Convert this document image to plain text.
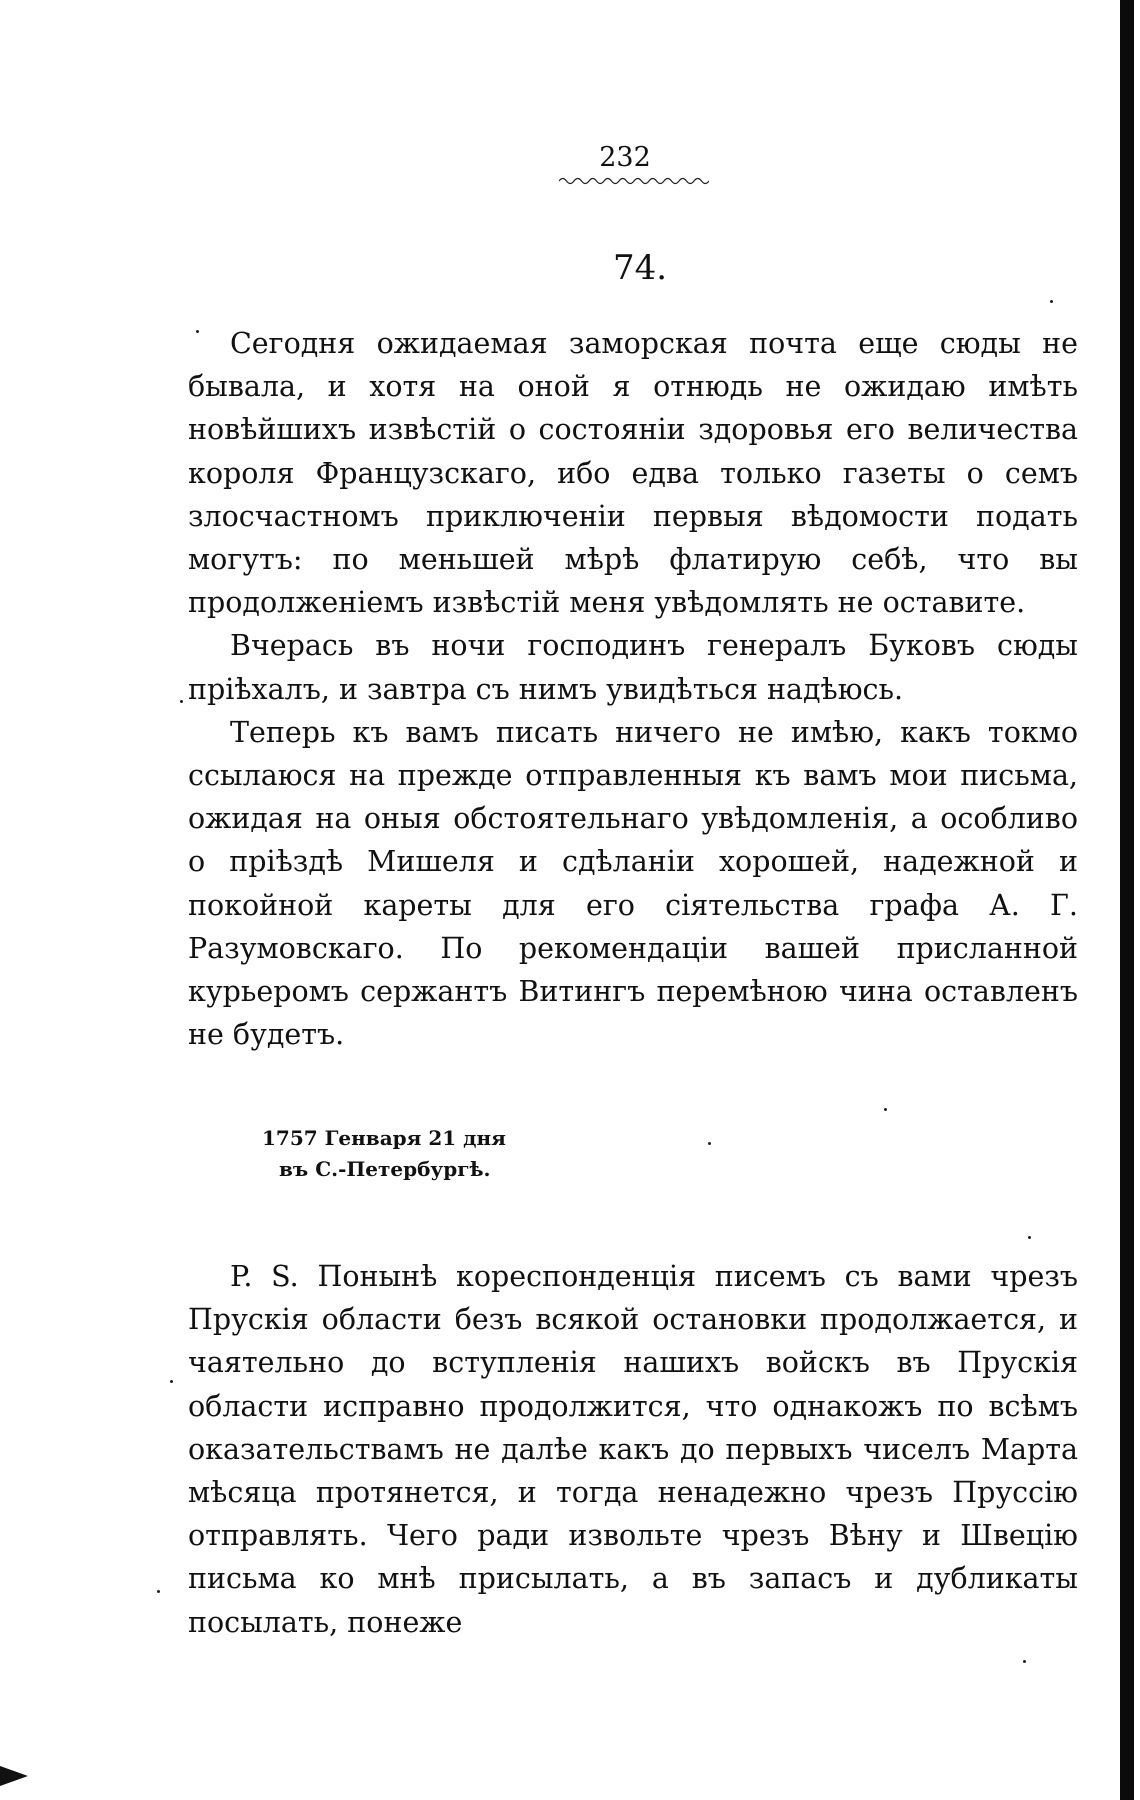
232
74.

Сегодня ожидаемая заморская почта еще сюды не бывала, и хотя на оной я отнюдь не ожидаю имѣть новѣйшихъ извѣстій о состояніи здоровья его величества короля Французскаго, ибо едва только газеты о семъ злосчастномъ приключеніи первыя вѣдомости подать могутъ: по меньшей мѣрѣ флатирую себѣ, что вы продолженіемъ извѣстій меня увѣдомлять не оставите.

Вчерась въ ночи господинъ генералъ Буковъ сюды пріѣхалъ, и завтра съ нимъ увидѣться надѣюсь.

Теперь къ вамъ писать ничего не имѣю, какъ токмо ссылаюся на прежде отправленныя къ вамъ мои письма, ожидая на оныя обстоятельнаго увѣдомленія, а особливо о пріѣздѣ Мишеля и сдѣланіи хорошей, надежной и покойной кареты для его сіятельства графа А. Г. Разумовскаго. По рекомендаціи вашей присланной курьеромъ сержантъ Витингъ перемѣною чина оставленъ не будетъ.

1757 Генваря 21 дня
въ С.-Петербургѣ.

P. S. Понынѣ кореспонденція писемъ съ вами чрезъ Прускія области безъ всякой остановки продолжается, и чаятельно до вступленія нашихъ войскъ въ Прускія области исправно продолжится, что однакожъ по всѣмъ оказательствамъ не далѣе какъ до первыхъ чиселъ Марта мѣсяца протянется, и тогда ненадежно чрезъ Пруссію отправлять. Чего ради извольте чрезъ Вѣну и Швецію письма ко мнѣ присылать, а въ запасъ и дубликаты посылать, понеже
